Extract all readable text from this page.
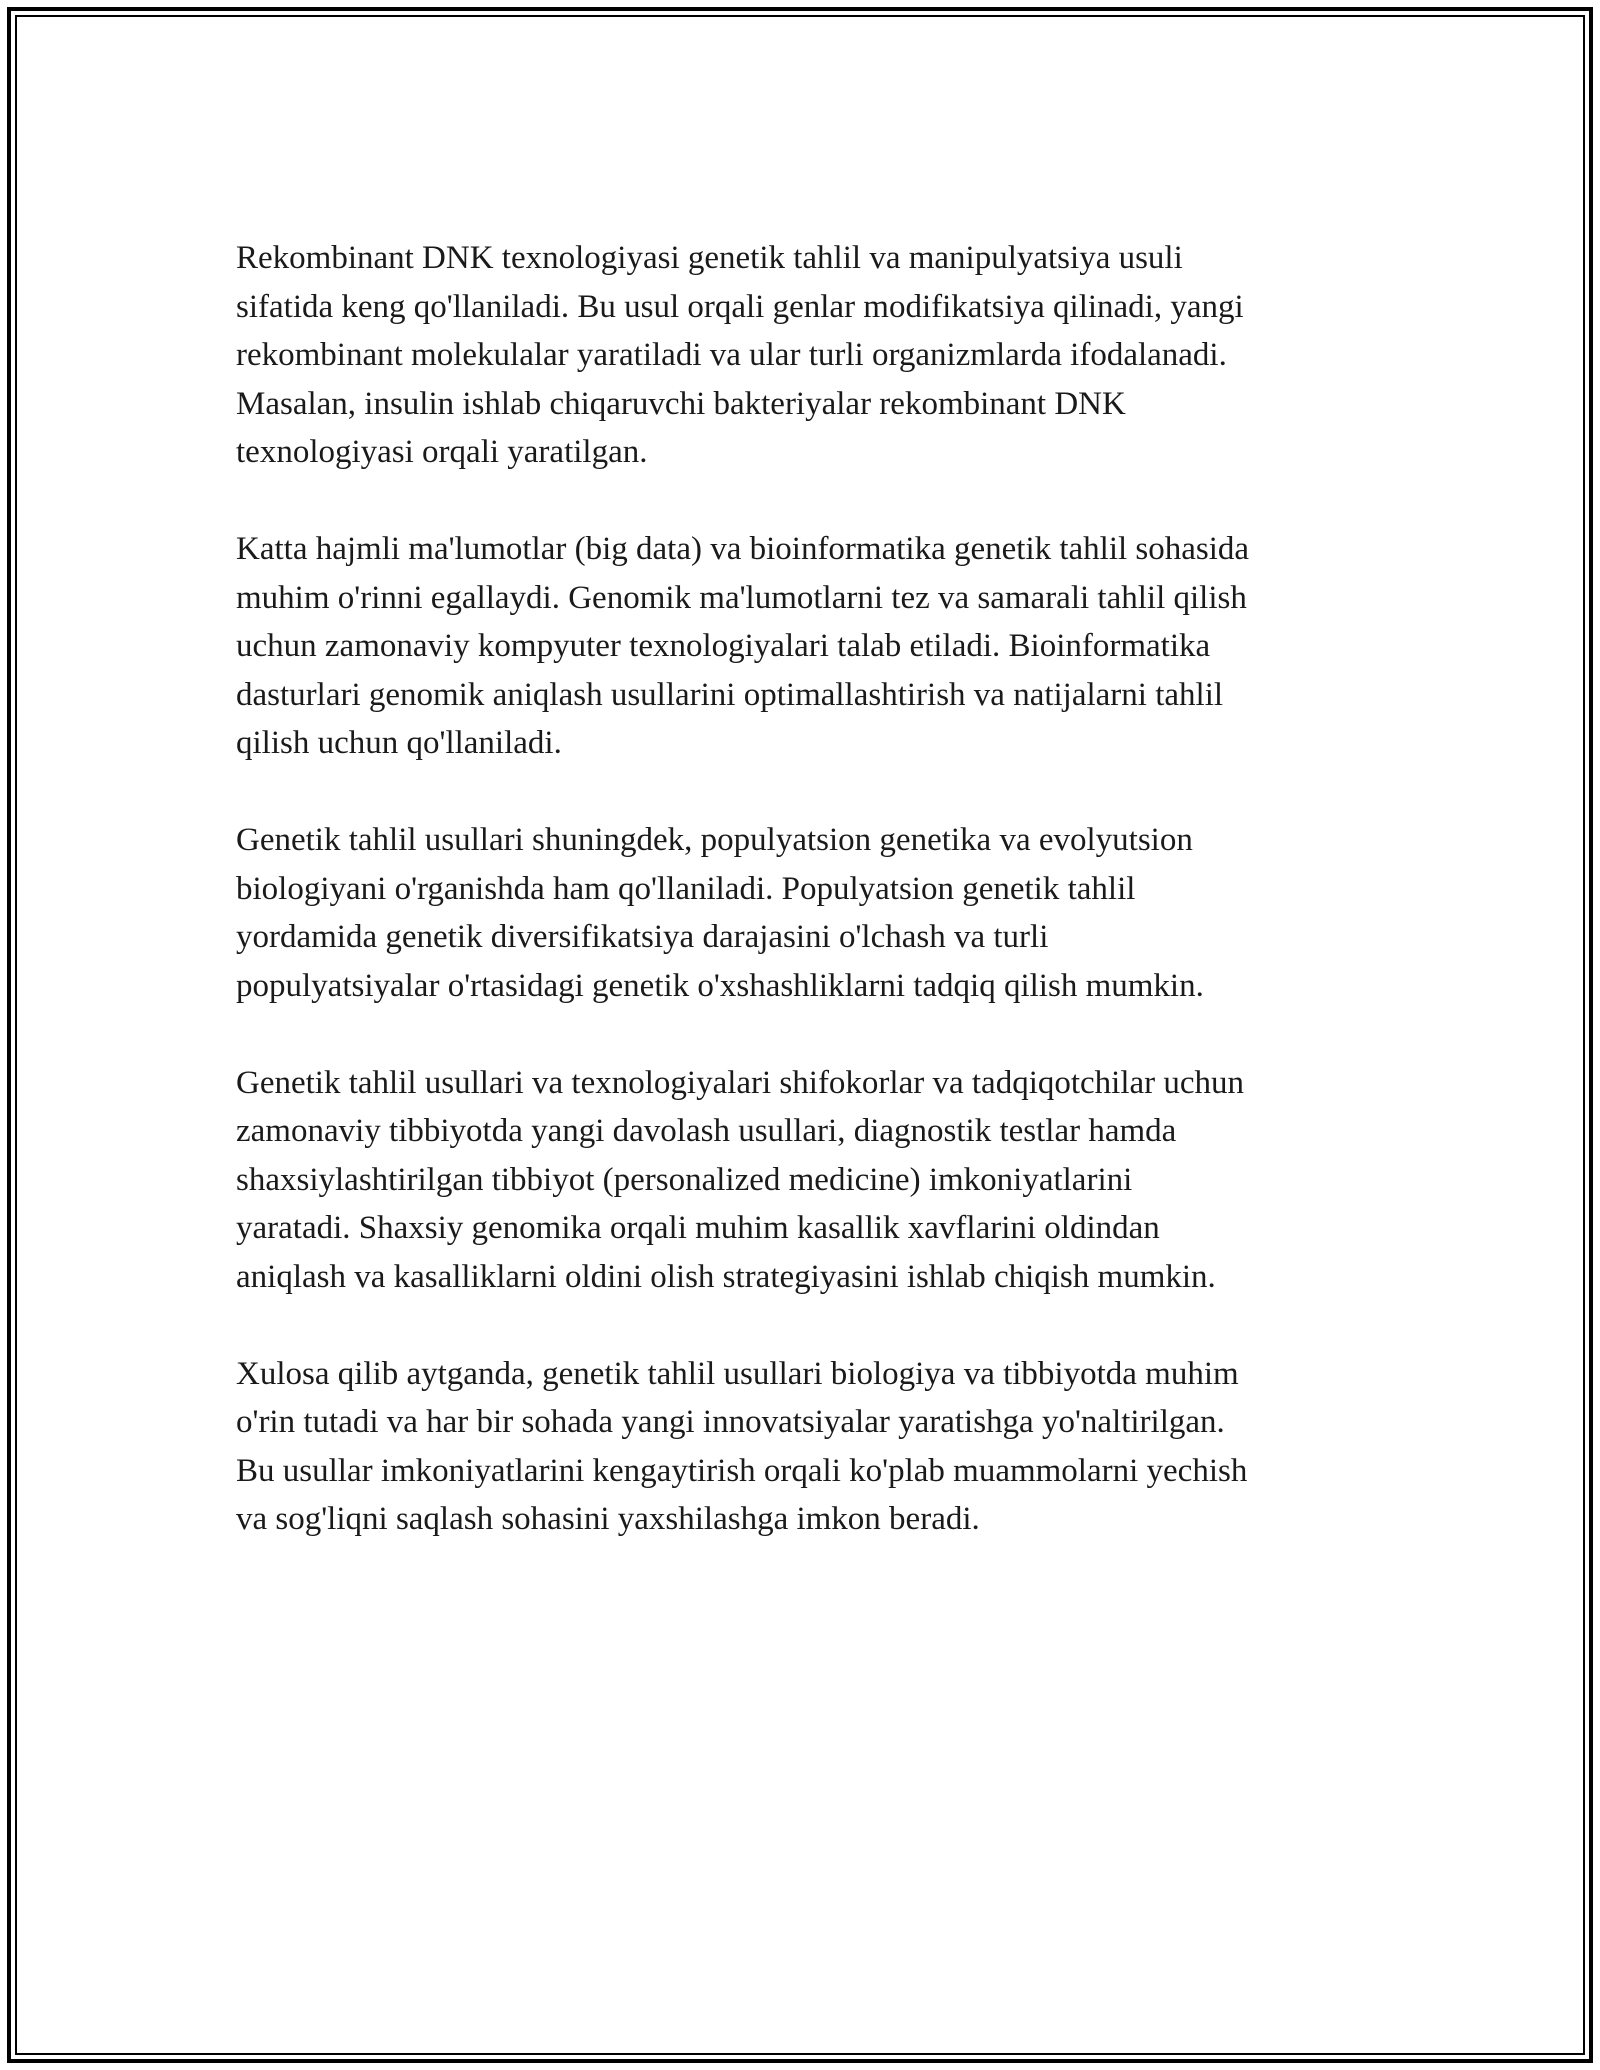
Rekombinant DNK texnologiyasi genetik tahlil va manipulyatsiya usuli
sifatida keng qo'llaniladi. Bu usul orqali genlar modifikatsiya qilinadi, yangi
rekombinant molekulalar yaratiladi va ular turli organizmlarda ifodalanadi.
Masalan, insulin ishlab chiqaruvchi bakteriyalar rekombinant DNK
texnologiyasi orqali yaratilgan.

Katta hajmli ma'lumotlar (big data) va bioinformatika genetik tahlil sohasida
muhim o'rinni egallaydi. Genomik ma'lumotlarni tez va samarali tahlil qilish
uchun zamonaviy kompyuter texnologiyalari talab etiladi. Bioinformatika
dasturlari genomik aniqlash usullarini optimallashtirish va natijalarni tahlil
qilish uchun qo'llaniladi.

Genetik tahlil usullari shuningdek, populyatsion genetika va evolyutsion
biologiyani o'rganishda ham qo'llaniladi. Populyatsion genetik tahlil
yordamida genetik diversifikatsiya darajasini o'lchash va turli
populyatsiyalar o'rtasidagi genetik o'xshashliklarni tadqiq qilish mumkin.

Genetik tahlil usullari va texnologiyalari shifokorlar va tadqiqotchilar uchun
zamonaviy tibbiyotda yangi davolash usullari, diagnostik testlar hamda
shaxsiylashtirilgan tibbiyot (personalized medicine) imkoniyatlarini
yaratadi. Shaxsiy genomika orqali muhim kasallik xavflarini oldindan
aniqlash va kasalliklarni oldini olish strategiyasini ishlab chiqish mumkin.

Xulosa qilib aytganda, genetik tahlil usullari biologiya va tibbiyotda muhim
o'rin tutadi va har bir sohada yangi innovatsiyalar yaratishga yo'naltirilgan.
Bu usullar imkoniyatlarini kengaytirish orqali ko'plab muammolarni yechish
va sog'liqni saqlash sohasini yaxshilashga imkon beradi.
